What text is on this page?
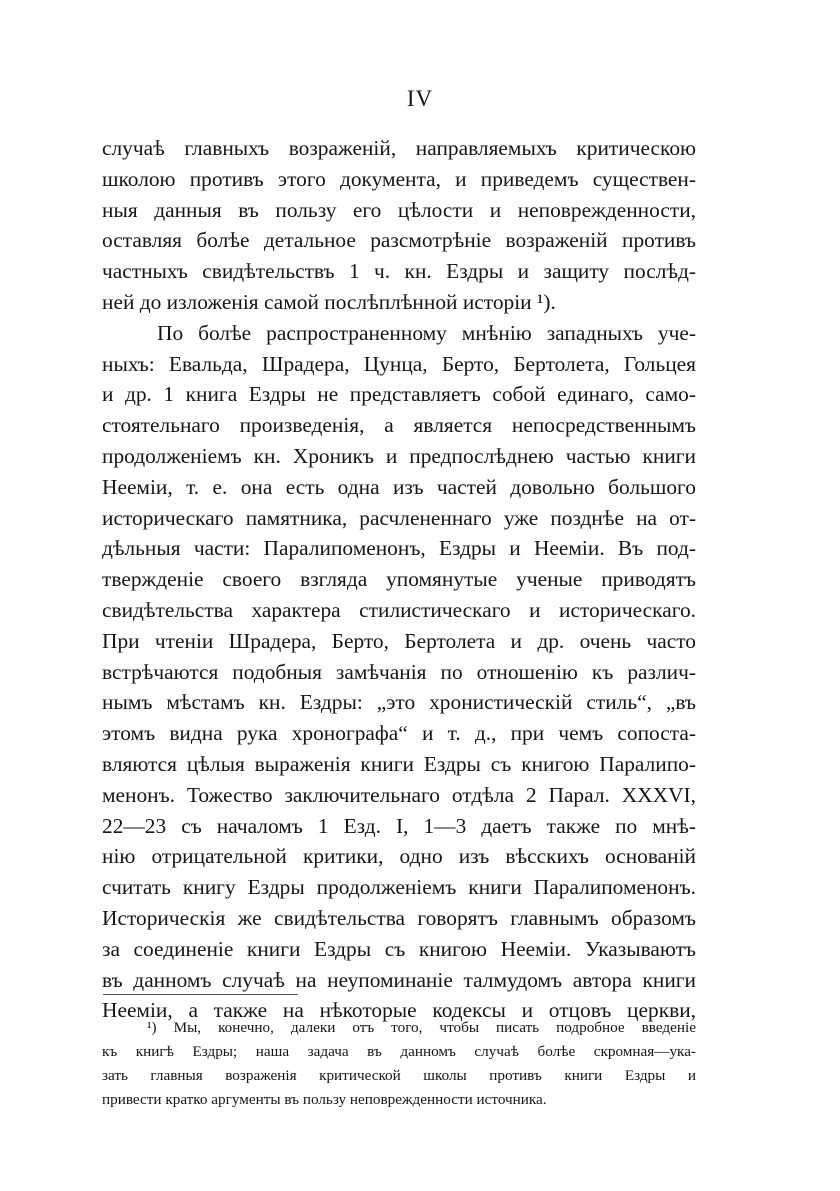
IV
случаѣ главныхъ возраженій, направляемыхъ критическою
школою противъ этого документа, и приведемъ существен-
ныя данныя въ пользу его цѣлости и неповрежденности,
оставляя болѣе детальное разсмотрѣніе возраженій противъ
частныхъ свидѣтельствъ 1 ч. кн. Ездры и защиту послѣд-
ней до изложенія самой послѣплѣнной исторіи ¹).
По болѣе распространенному мнѣнію западныхъ уче-
ныхъ: Евальда, Шрадера, Цунца, Берто, Бертолета, Гольцея
и др. 1 книга Ездры не представляетъ собой единаго, само-
стоятельнаго произведенія, а является непосредственнымъ
продолженіемъ кн. Хроникъ и предпослѣднею частью книги
Неемiи, т. е. она есть одна изъ частей довольно большого
историческаго памятника, расчлененнаго уже позднѣе на от-
дѣльныя части: Паралипоменонъ, Ездры и Неемiи. Въ под-
твержденіе своего взгляда упомянутые ученые приводятъ
свидѣтельства характера стилистическаго и историческаго.
При чтеніи Шрадера, Берто, Бертолета и др. очень часто
встрѣчаются подобныя замѣчанія по отношенію къ различ-
нымъ мѣстамъ кн. Ездры: „это хронистическій стиль“, „въ
этомъ видна рука хронографа“ и т. д., при чемъ сопоста-
вляются цѣлыя выраженія книги Ездры съ книгою Паралипо-
менонъ. Тожество заключительнаго отдѣла 2 Парал. XXXVI,
22—23 съ началомъ 1 Езд. I, 1—3 даетъ также по мнѣ-
нію отрицательной критики, одно изъ вѣсскихъ основаній
считать книгу Ездры продолженіемъ книги Паралипоменонъ.
Историческія же свидѣтельства говорятъ главнымъ образомъ
за соединеніе книги Ездры съ книгою Неемiи. Указываютъ
въ данномъ случаѣ на неупоминаніе талмудомъ автора книги
Неемiи, а также на нѣкоторые кодексы и отцовъ церкви,
¹) Мы, конечно, далеки отъ того, чтобы писать подробное введеніе
къ книгѣ Ездры; наша задача въ данномъ случаѣ болѣе скромная—ука-
зать главныя возраженія критической школы противъ книги Ездры и
привести кратко аргументы въ пользу неповрежденности источника.
